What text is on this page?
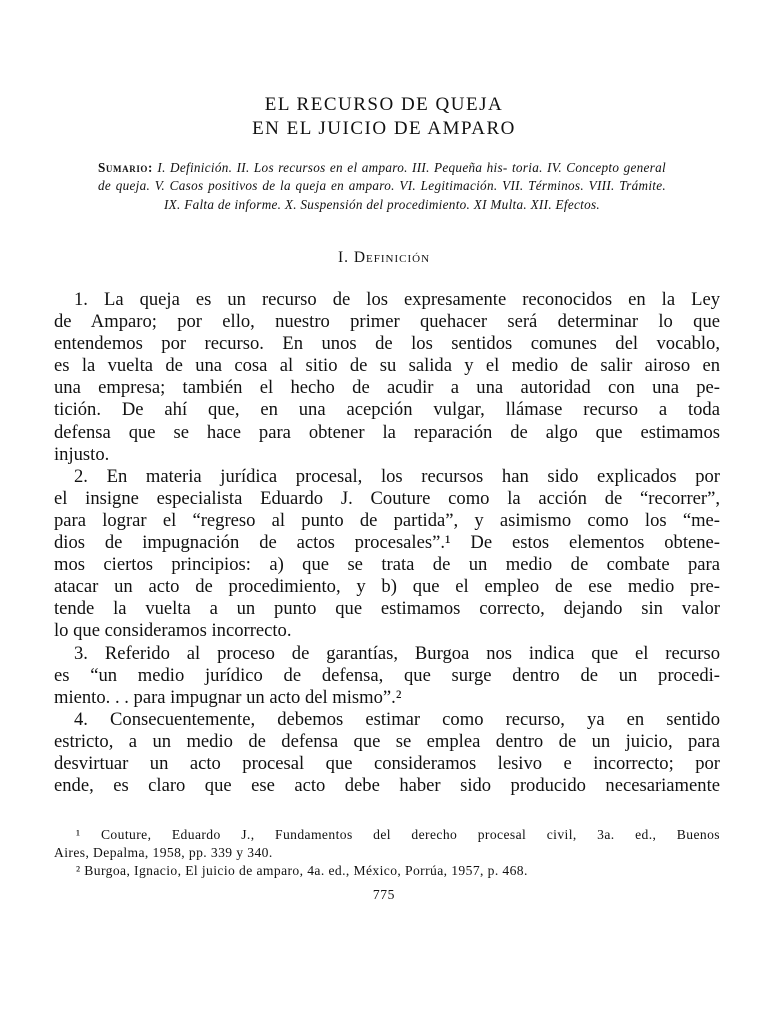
EL RECURSO DE QUEJA
EN EL JUICIO DE AMPARO
Sumario: I. Definición. II. Los recursos en el amparo. III. Pequeña his- toria. IV. Concepto general de queja. V. Casos positivos de la queja en amparo. VI. Legitimación. VII. Términos. VIII. Trámite. IX. Falta de informe. X. Suspensión del procedimiento. XI Multa. XII. Efectos.
I. Definición
1. La queja es un recurso de los expresamente reconocidos en la Ley
de Amparo; por ello, nuestro primer quehacer será determinar lo que
entendemos por recurso. En unos de los sentidos comunes del vocablo,
es la vuelta de una cosa al sitio de su salida y el medio de salir airoso en
una empresa; también el hecho de acudir a una autoridad con una pe-
tición. De ahí que, en una acepción vulgar, llámase recurso a toda
defensa que se hace para obtener la reparación de algo que estimamos
injusto.
2. En materia jurídica procesal, los recursos han sido explicados por
el insigne especialista Eduardo J. Couture como la acción de “recorrer”,
para lograr el “regreso al punto de partida”, y asimismo como los “me-
dios de impugnación de actos procesales”.¹ De estos elementos obtene-
mos ciertos principios: a) que se trata de un medio de combate para
atacar un acto de procedimiento, y b) que el empleo de ese medio pre-
tende la vuelta a un punto que estimamos correcto, dejando sin valor
lo que consideramos incorrecto.
3. Referido al proceso de garantías, Burgoa nos indica que el recurso
es “un medio jurídico de defensa, que surge dentro de un procedi-
miento. . . para impugnar un acto del mismo”.²
4. Consecuentemente, debemos estimar como recurso, ya en sentido
estricto, a un medio de defensa que se emplea dentro de un juicio, para
desvirtuar un acto procesal que consideramos lesivo e incorrecto; por
ende, es claro que ese acto debe haber sido producido necesariamente
¹ Couture, Eduardo J., Fundamentos del derecho procesal civil, 3a. ed., Buenos
Aires, Depalma, 1958, pp. 339 y 340.
² Burgoa, Ignacio, El juicio de amparo, 4a. ed., México, Porrúa, 1957, p. 468.
775
